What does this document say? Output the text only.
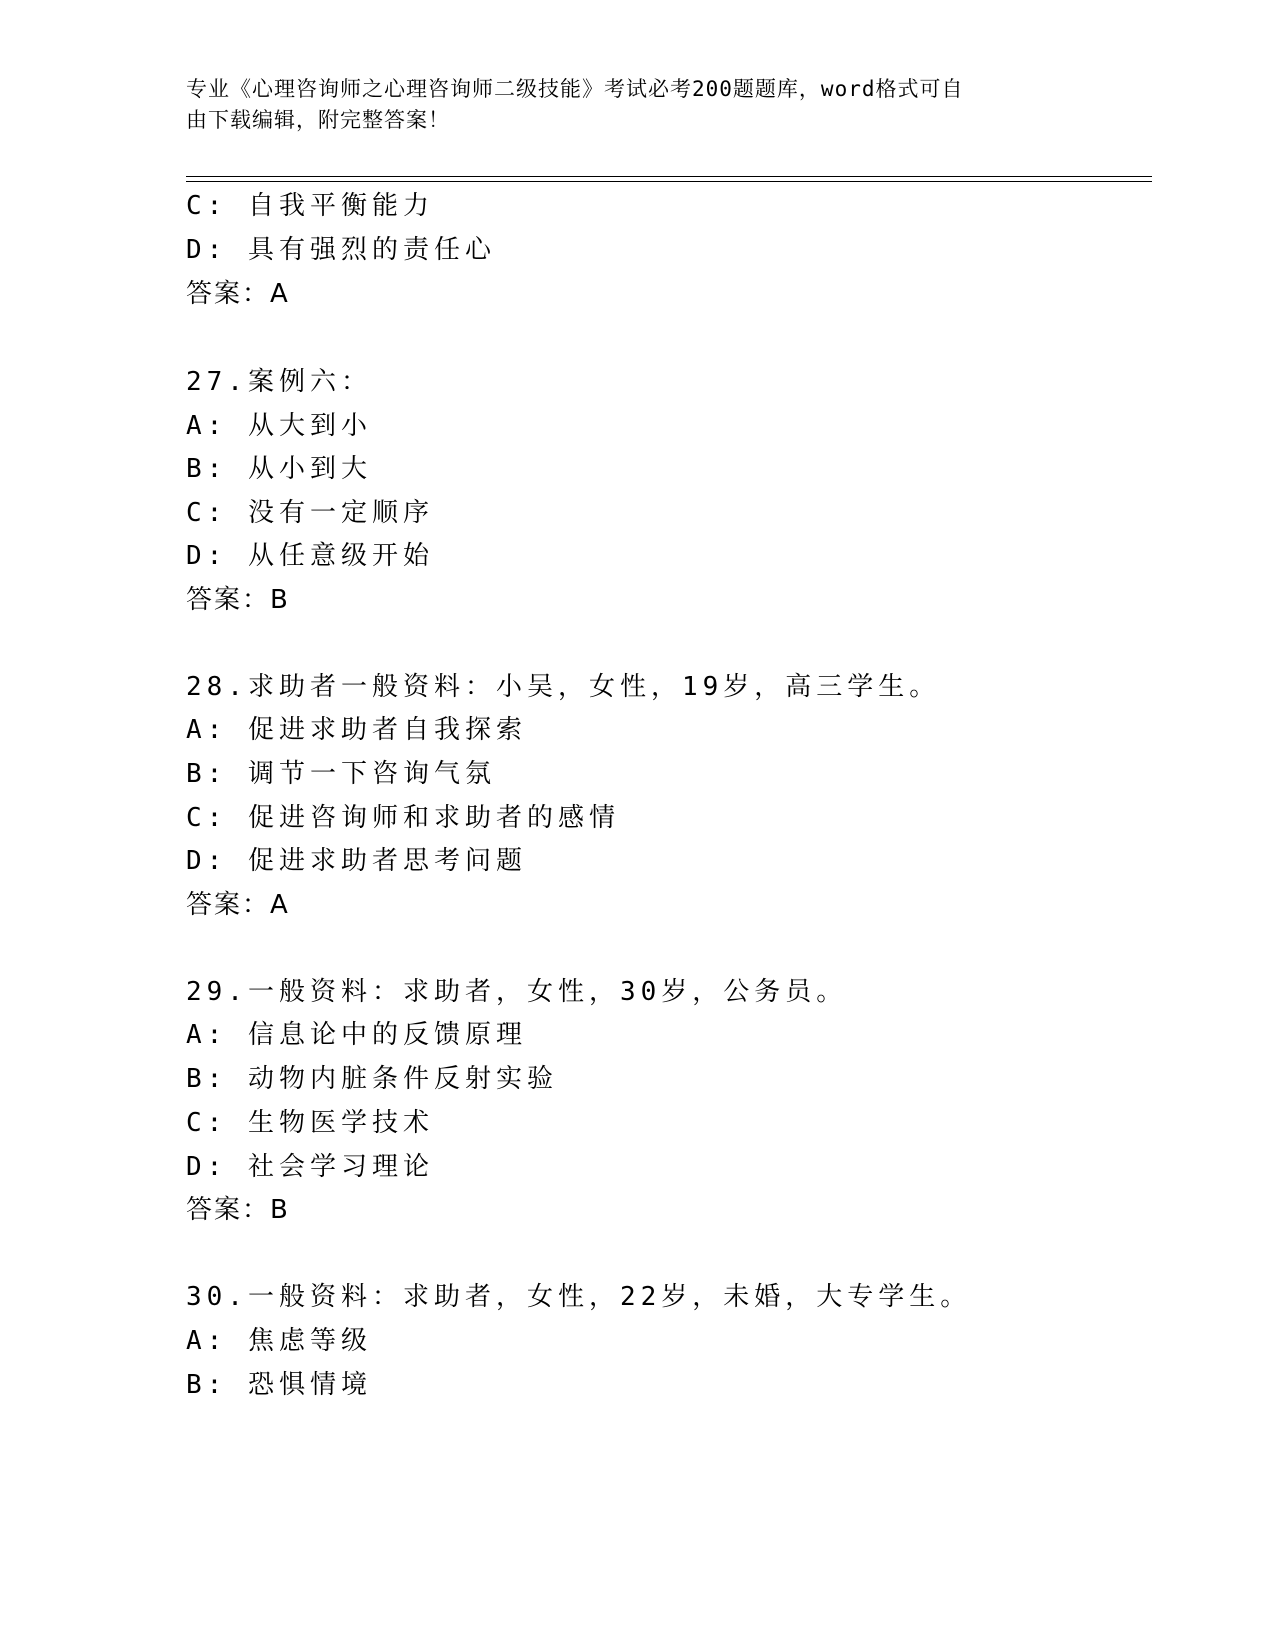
专业《心理咨询师之心理咨询师二级技能》考试必考200题题库，word格式可自
由下载编辑，附完整答案！
C: 自我平衡能力
D: 具有强烈的责任心
答案：A
27.案例六：
A: 从大到小
B: 从小到大
C: 没有一定顺序
D: 从任意级开始
答案：B
28.求助者一般资料：小吴，女性，19岁，高三学生。
A: 促进求助者自我探索
B: 调节一下咨询气氛
C: 促进咨询师和求助者的感情
D: 促进求助者思考问题
答案：A
29.一般资料：求助者，女性，30岁，公务员。
A: 信息论中的反馈原理
B: 动物内脏条件反射实验
C: 生物医学技术
D: 社会学习理论
答案：B
30.一般资料：求助者，女性，22岁，未婚，大专学生。
A: 焦虑等级
B: 恐惧情境
